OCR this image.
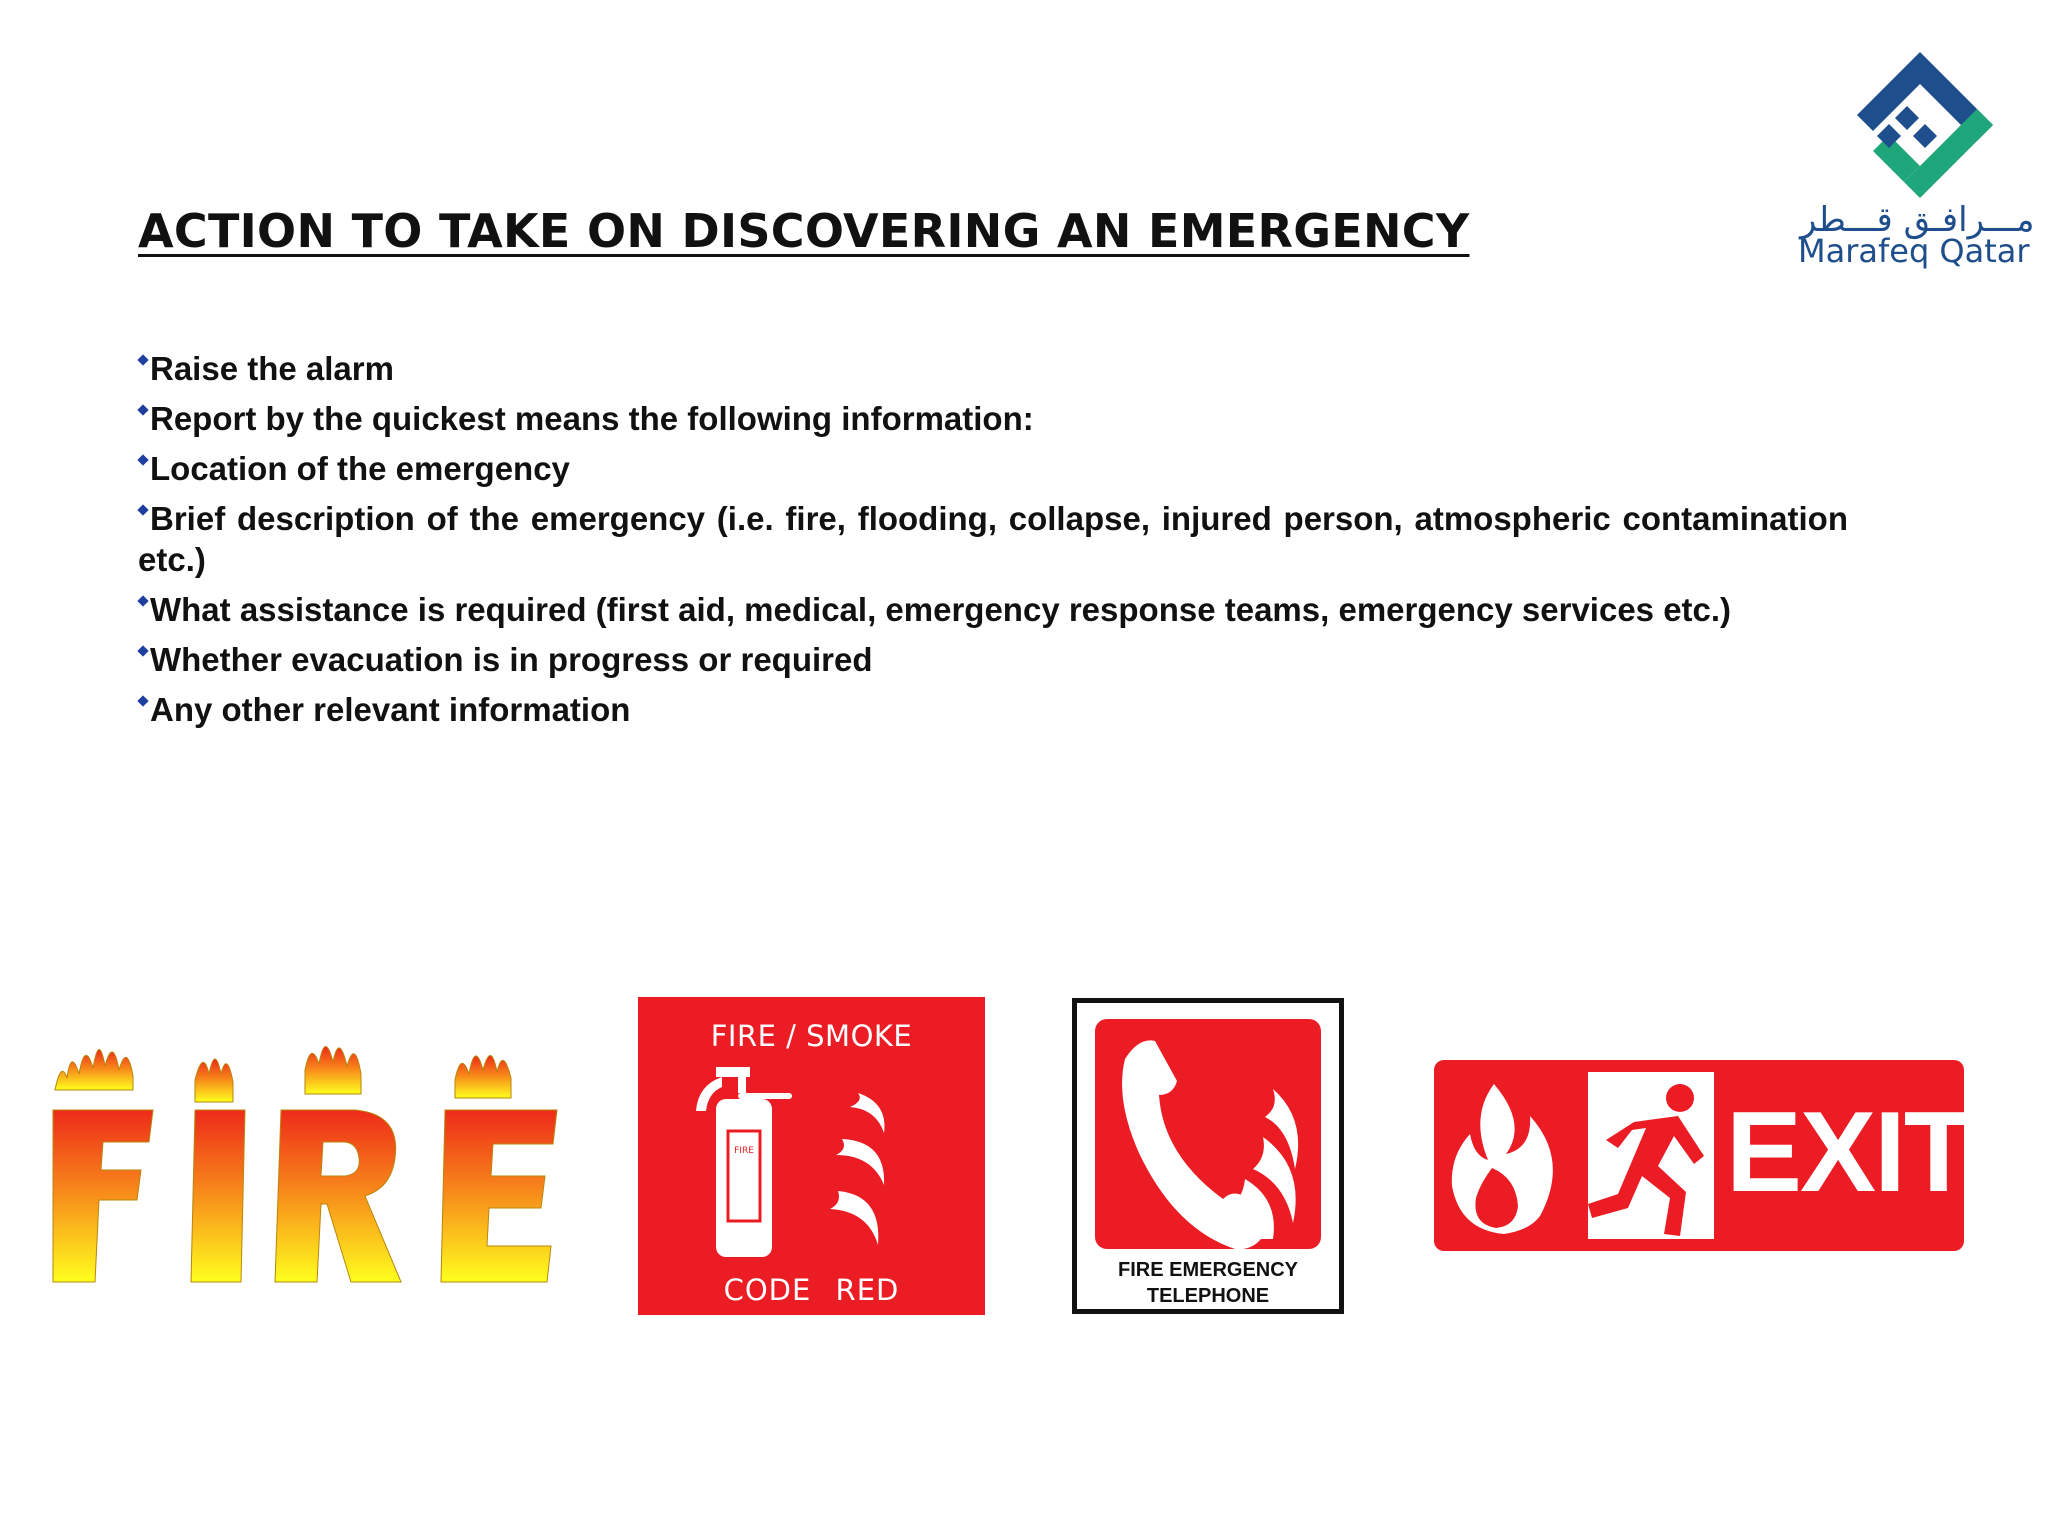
ACTION TO TAKE ON DISCOVERING AN EMERGENCY	مـــرافـق قـــطر
Marafeq Qatar
Raise the alarm
Report by the quickest means the following information:
Location of the emergency
Brief description of the emergency (i.e. fire, flooding, collapse, injured person, atmospheric contamination etc.)
What assistance is required (first aid, medical, emergency response teams, emergency services etc.)
Whether evacuation is in progress or required
Any other relevant information
FIRE / SMOKE
FIRE
CODE RED
FIRE EMERGENCY
TELEPHONE
EXIT
